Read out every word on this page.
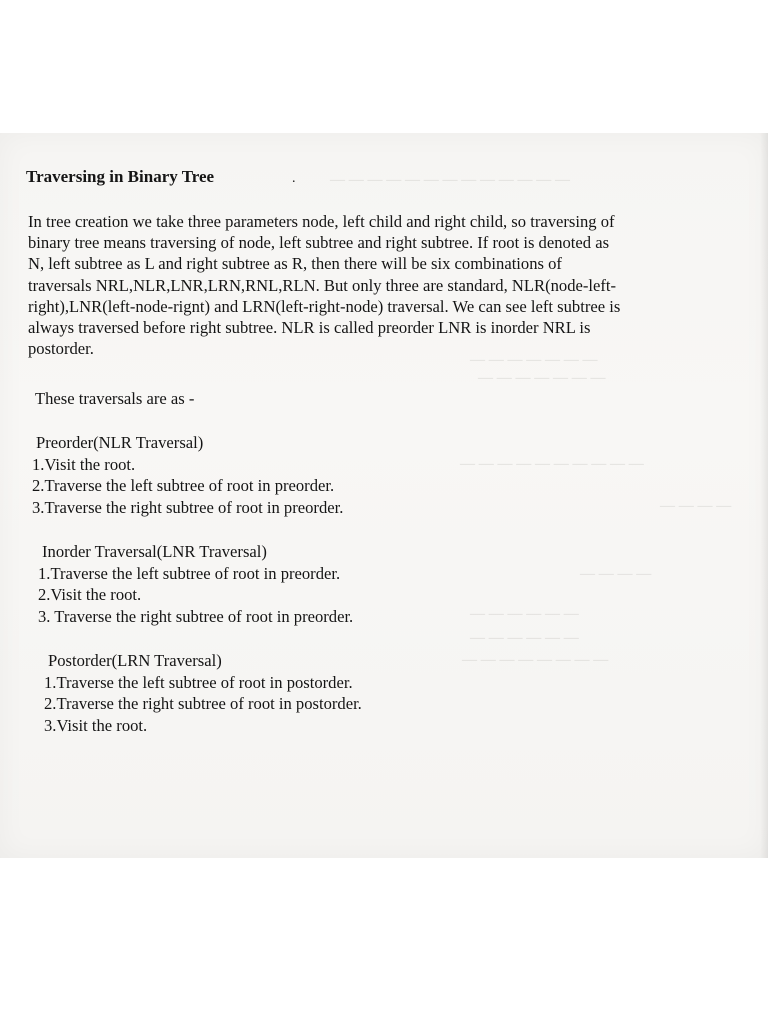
— — — — — — — — — — — — —
— — — — — — —
— — — — — — —
— — — — — — — — — —
— — — —
— — — —
— — — — — —
— — — — — —
— — — — — — — —
Traversing in Binary Tree	.
In tree creation we take three parameters node, left child and right child, so traversing of
binary tree means traversing of node, left subtree and right subtree. If root is denoted as
N, left subtree as L and right subtree as R, then there will be six combinations of
traversals NRL,NLR,LNR,LRN,RNL,RLN. But only three are standard, NLR(node-left-
right),LNR(left-node-rignt) and LRN(left-right-node) traversal. We can see left subtree is
always traversed before right subtree. NLR is called preorder LNR is inorder NRL is
postorder.
These traversals are as -
Preorder(NLR Traversal)
1.Visit the root.
2.Traverse the left subtree of root in preorder.
3.Traverse the right subtree of root in preorder.
Inorder Traversal(LNR Traversal)
1.Traverse the left subtree of root in preorder.
2.Visit the root.
3. Traverse the right subtree of root in preorder.
Postorder(LRN Traversal)
1.Traverse the left subtree of root in postorder.
2.Traverse the right subtree of root in postorder.
3.Visit the root.
